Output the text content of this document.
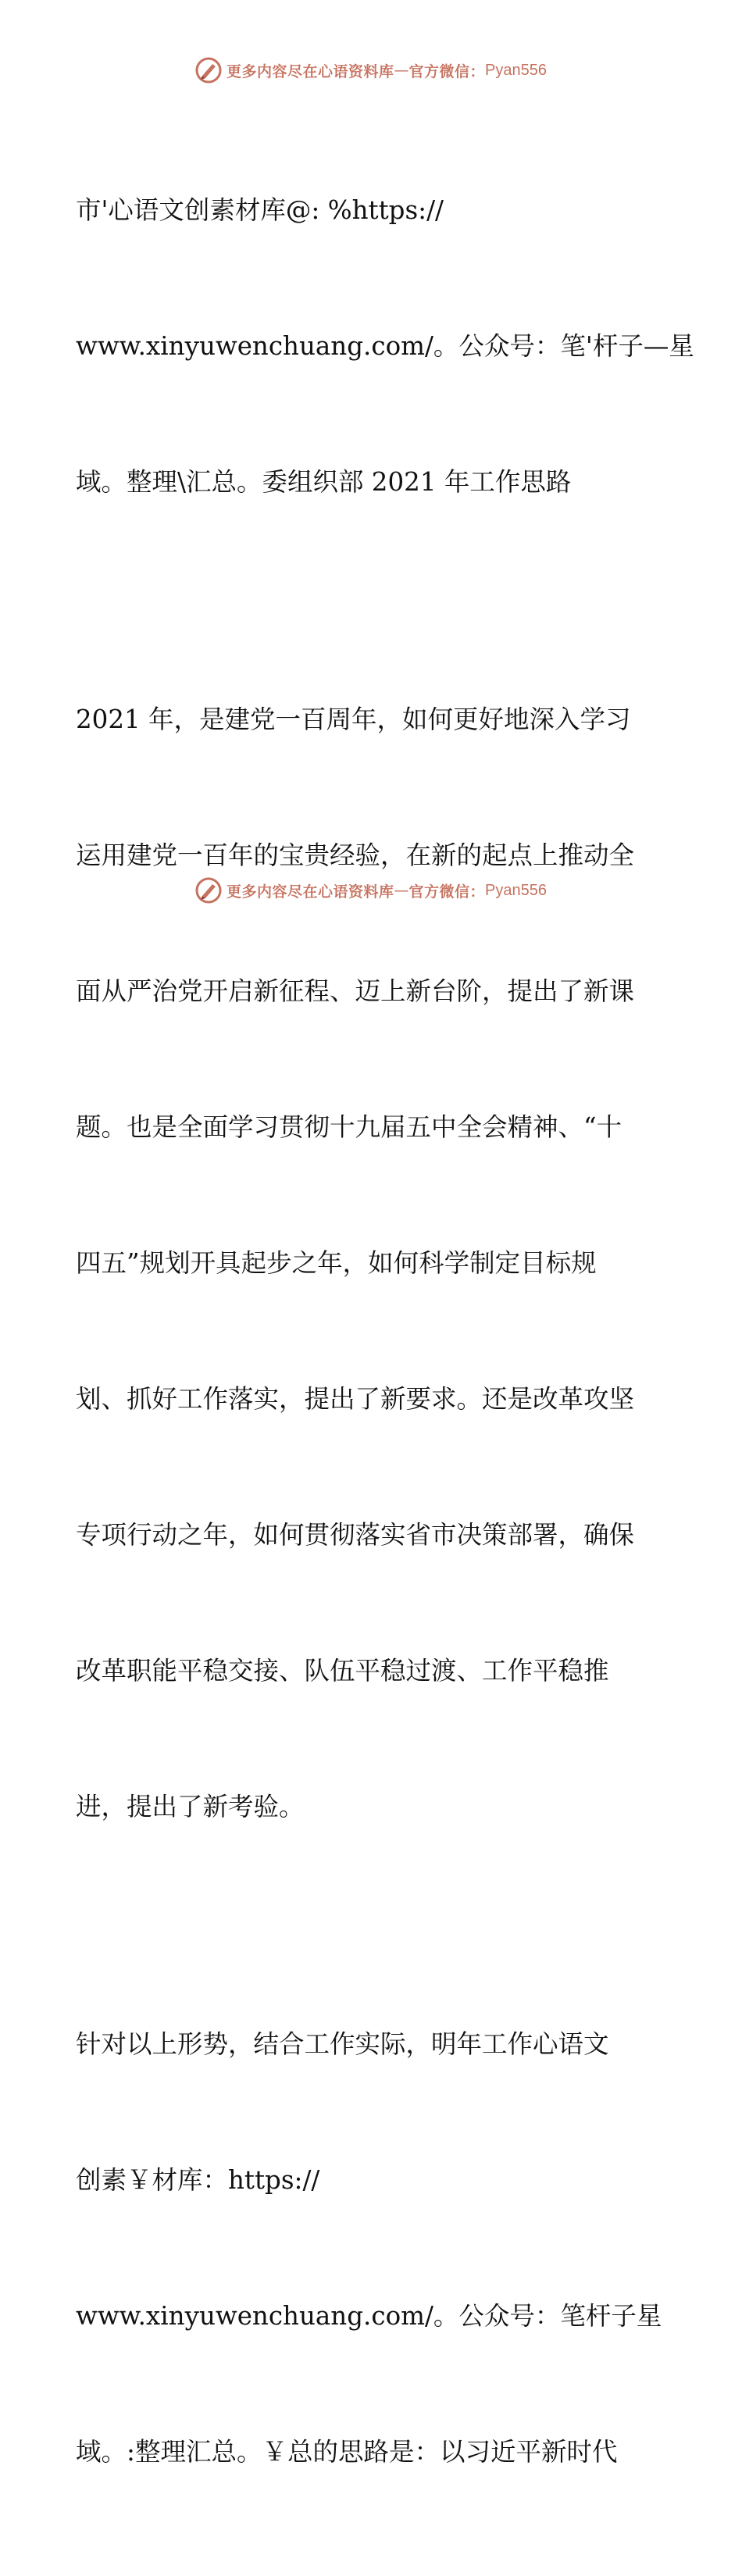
更多内容尽在心语资料库 — 官方微信： Pyan556

市'心语文创素材库@: %https://

www.xinyuwenchuang.com/。公众号：笔'杆子—星

域。整理\汇总。委组织部 2021 年工作思路

2021 年，是建党一百周年，如何更好地深入学习

运用建党一百年的宝贵经验，在新的起点上推动全

面从严治党开启新征程、迈上新台阶，提出了新课

题。也是全面学习贯彻十九届五中全会精神、“十

四五”规划开具起步之年，如何科学制定目标规

划、抓好工作落实，提出了新要求。还是改革攻坚

专项行动之年，如何贯彻落实省市决策部署，确保

改革职能平稳交接、队伍平稳过渡、工作平稳推

进，提出了新考验。

针对以上形势，结合工作实际，明年工作心语文

创素￥材库：https://

www.xinyuwenchuang.com/。公众号：笔杆子星

域。:整理汇总。￥总的思路是：以习近平新时代

更多内容尽在心语资料库 — 官方微信： Pyan556
